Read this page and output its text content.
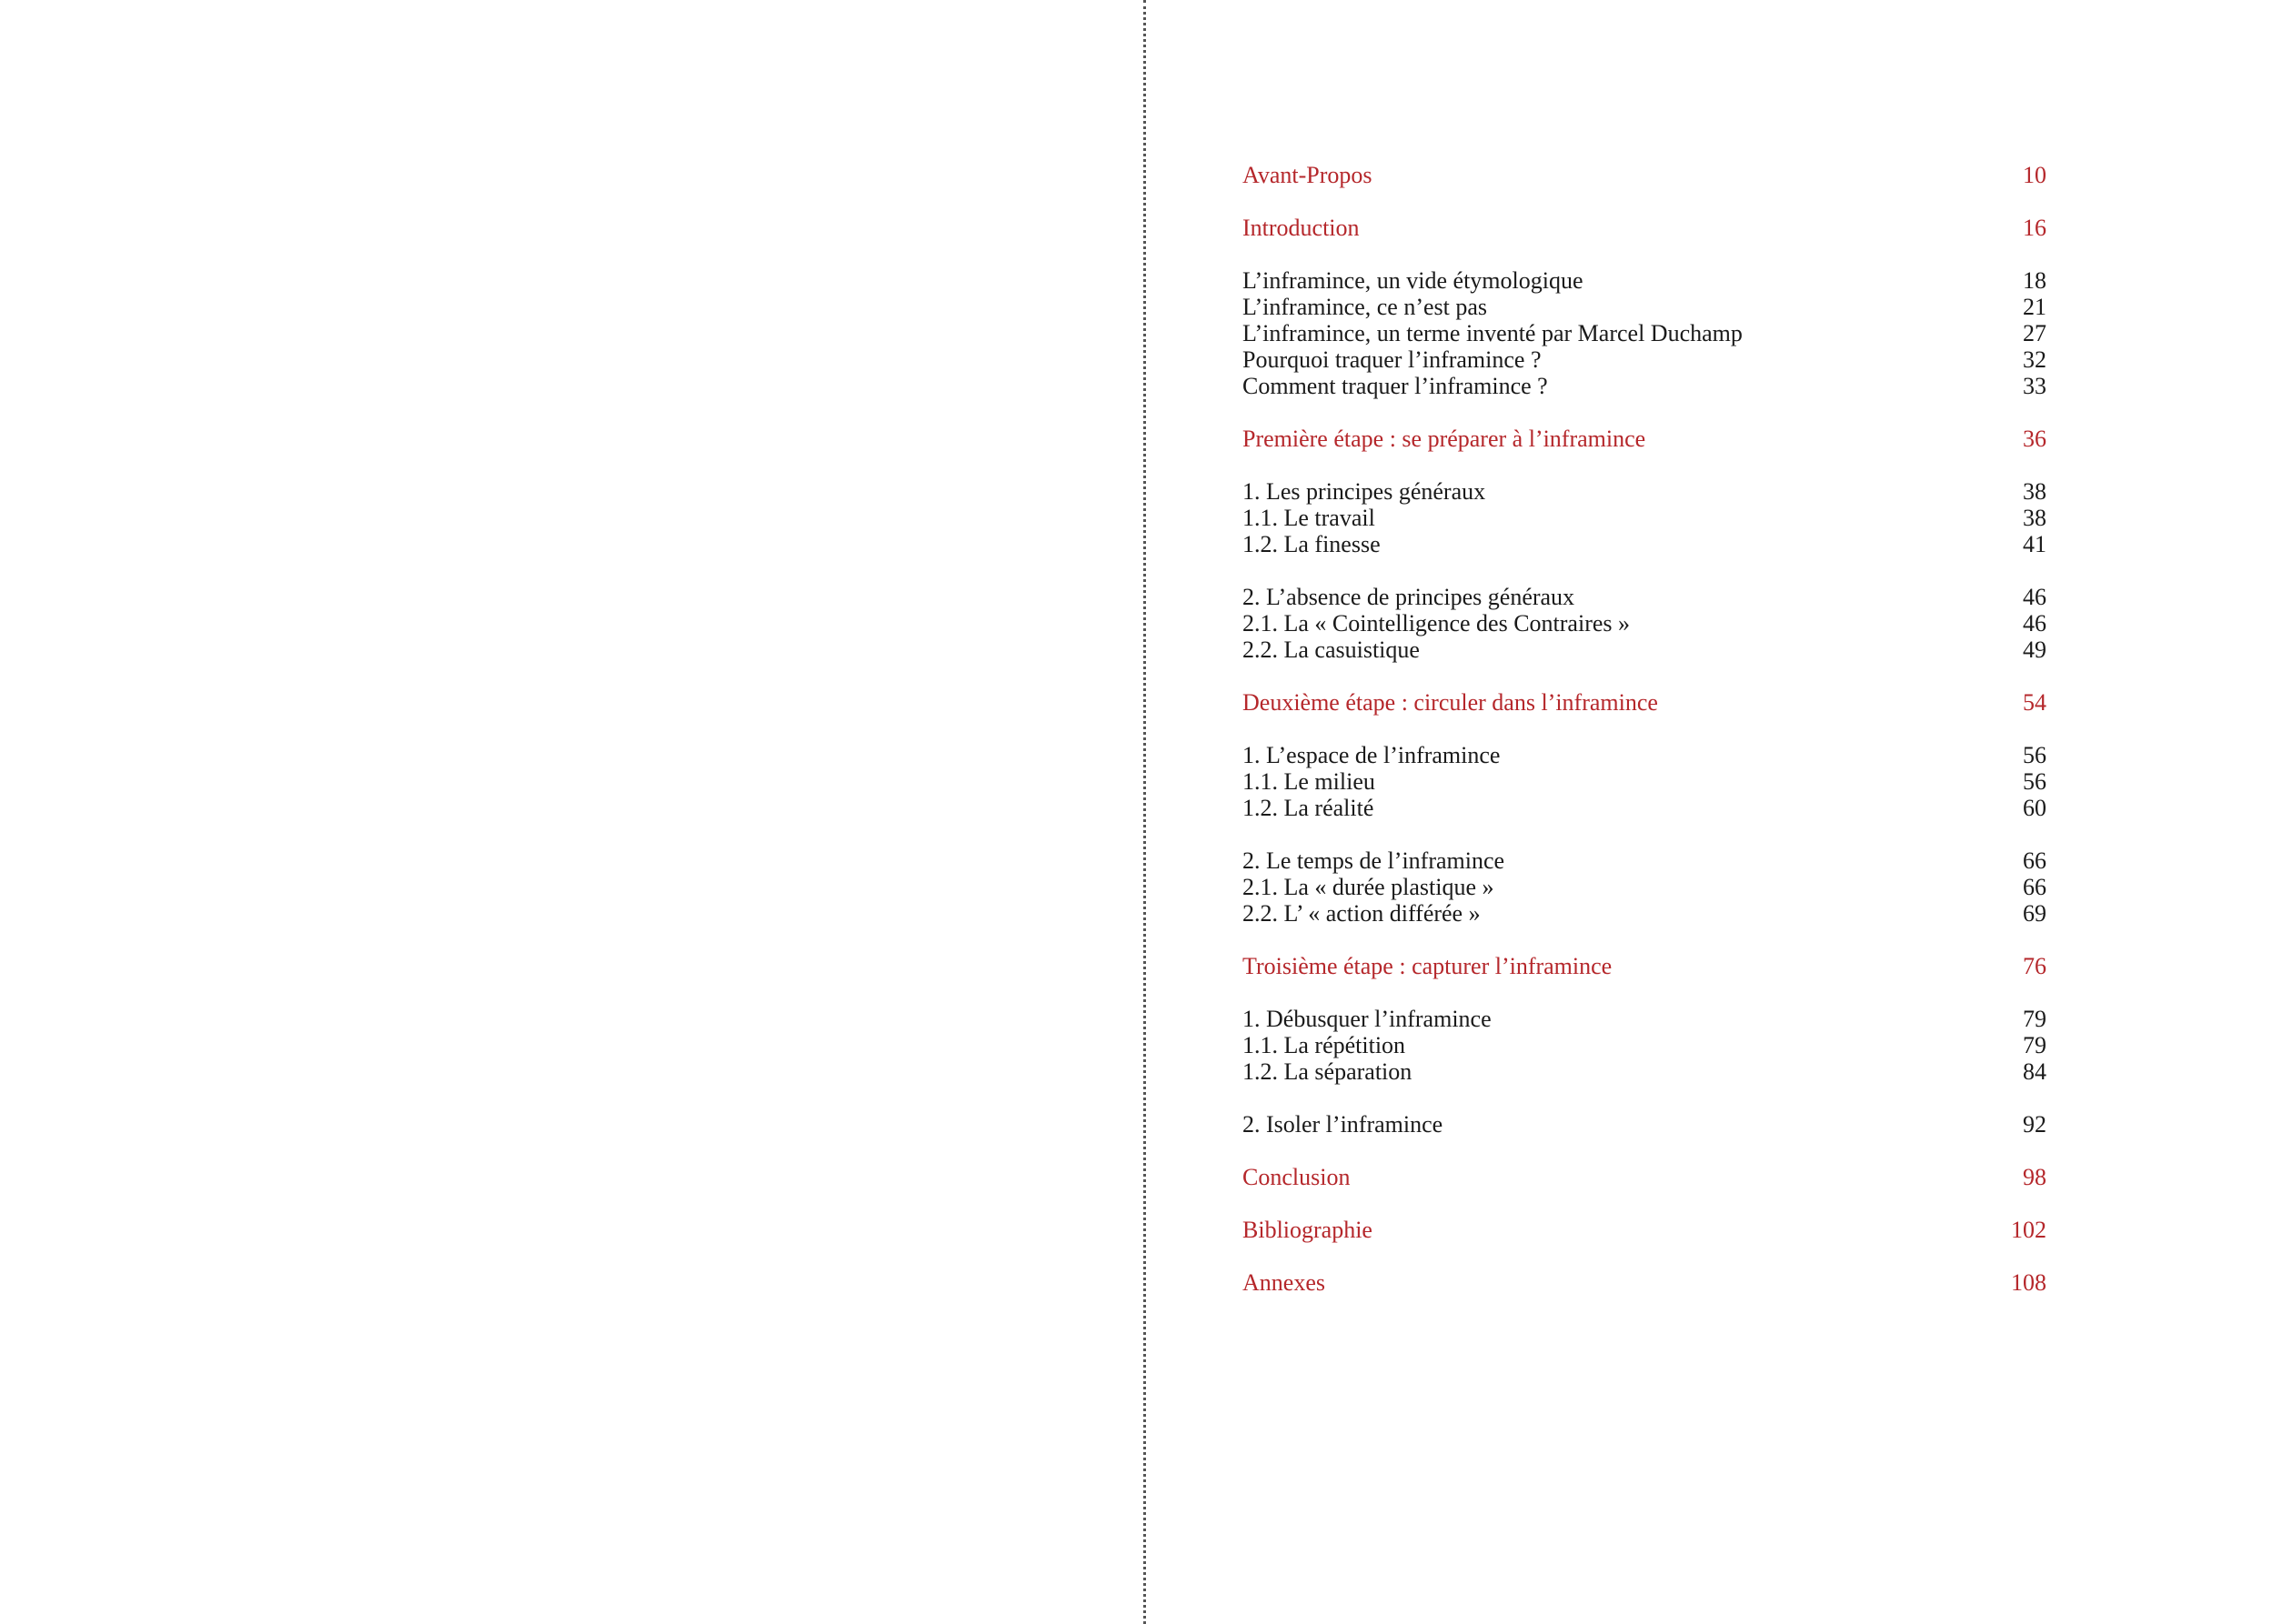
Avant-Propos	10
Introduction	16
L’inframince, un vide étymologique	18
L’inframince, ce n’est pas	21
L’inframince, un terme inventé par Marcel Duchamp	27
Pourquoi traquer l’inframince ?	32
Comment traquer l’inframince ?	33
Première étape : se préparer à l’inframince	36
1. Les principes généraux	38
1.1. Le travail	38
1.2. La finesse	41
2. L’absence de principes généraux	46
2.1. La « Cointelligence des Contraires »	46
2.2. La casuistique	49
Deuxième étape : circuler dans l’inframince	54
1. L’espace de l’inframince	56
1.1. Le milieu	56
1.2. La réalité	60
2. Le temps de l’inframince	66
2.1. La « durée plastique »	66
2.2. L’ « action différée »	69
Troisième étape : capturer l’inframince	76
1. Débusquer l’inframince	79
1.1. La répétition	79
1.2. La séparation	84
2. Isoler l’inframince	92
Conclusion	98
Bibliographie	102
Annexes	108
